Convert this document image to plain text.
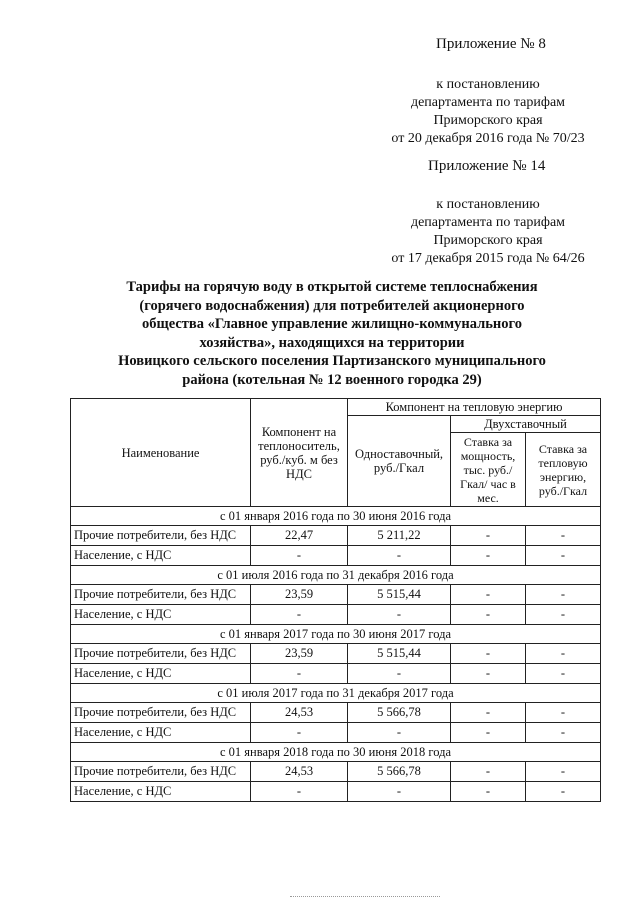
Приложение № 8
к постановлению
департамента по тарифам
Приморского края
от 20 декабря 2016 года № 70/23
Приложение № 14
к постановлению
департамента по тарифам
Приморского края
от 17 декабря 2015 года № 64/26
Тарифы на горячую воду в открытой системе теплоснабжения
(горячего водоснабжения) для потребителей акционерного
общества «Главное управление жилищно-коммунального
хозяйства», находящихся на территории
Новицкого сельского поселения Партизанского муниципального
района (котельная № 12 военного городка 29)
Наименование	Компонент на теплоноситель, руб./куб. м без НДС	Компонент на тепловую энергию		
		Одноставочный, руб./Гкал	Двухставочный	
			Ставка за мощность, тыс. руб./Гкал/ час в мес.	Ставка за тепловую энергию, руб./Гкал
с 01 января 2016 года по 30 июня 2016 года				
Прочие потребители, без НДС	22,47	5 211,22	-	-
Население, с НДС	-	-	-	-
с 01 июля 2016 года по 31 декабря 2016 года				
Прочие потребители, без НДС	23,59	5 515,44	-	-
Население, с НДС	-	-	-	-
с 01 января 2017 года по 30 июня 2017 года				
Прочие потребители, без НДС	23,59	5 515,44	-	-
Население, с НДС	-	-	-	-
с 01 июля 2017 года по 31 декабря 2017 года				
Прочие потребители, без НДС	24,53	5 566,78	-	-
Население, с НДС	-	-	-	-
с 01 января 2018 года по 30 июня 2018 года				
Прочие потребители, без НДС	24,53	5 566,78	-	-
Население, с НДС	-	-	-	-
